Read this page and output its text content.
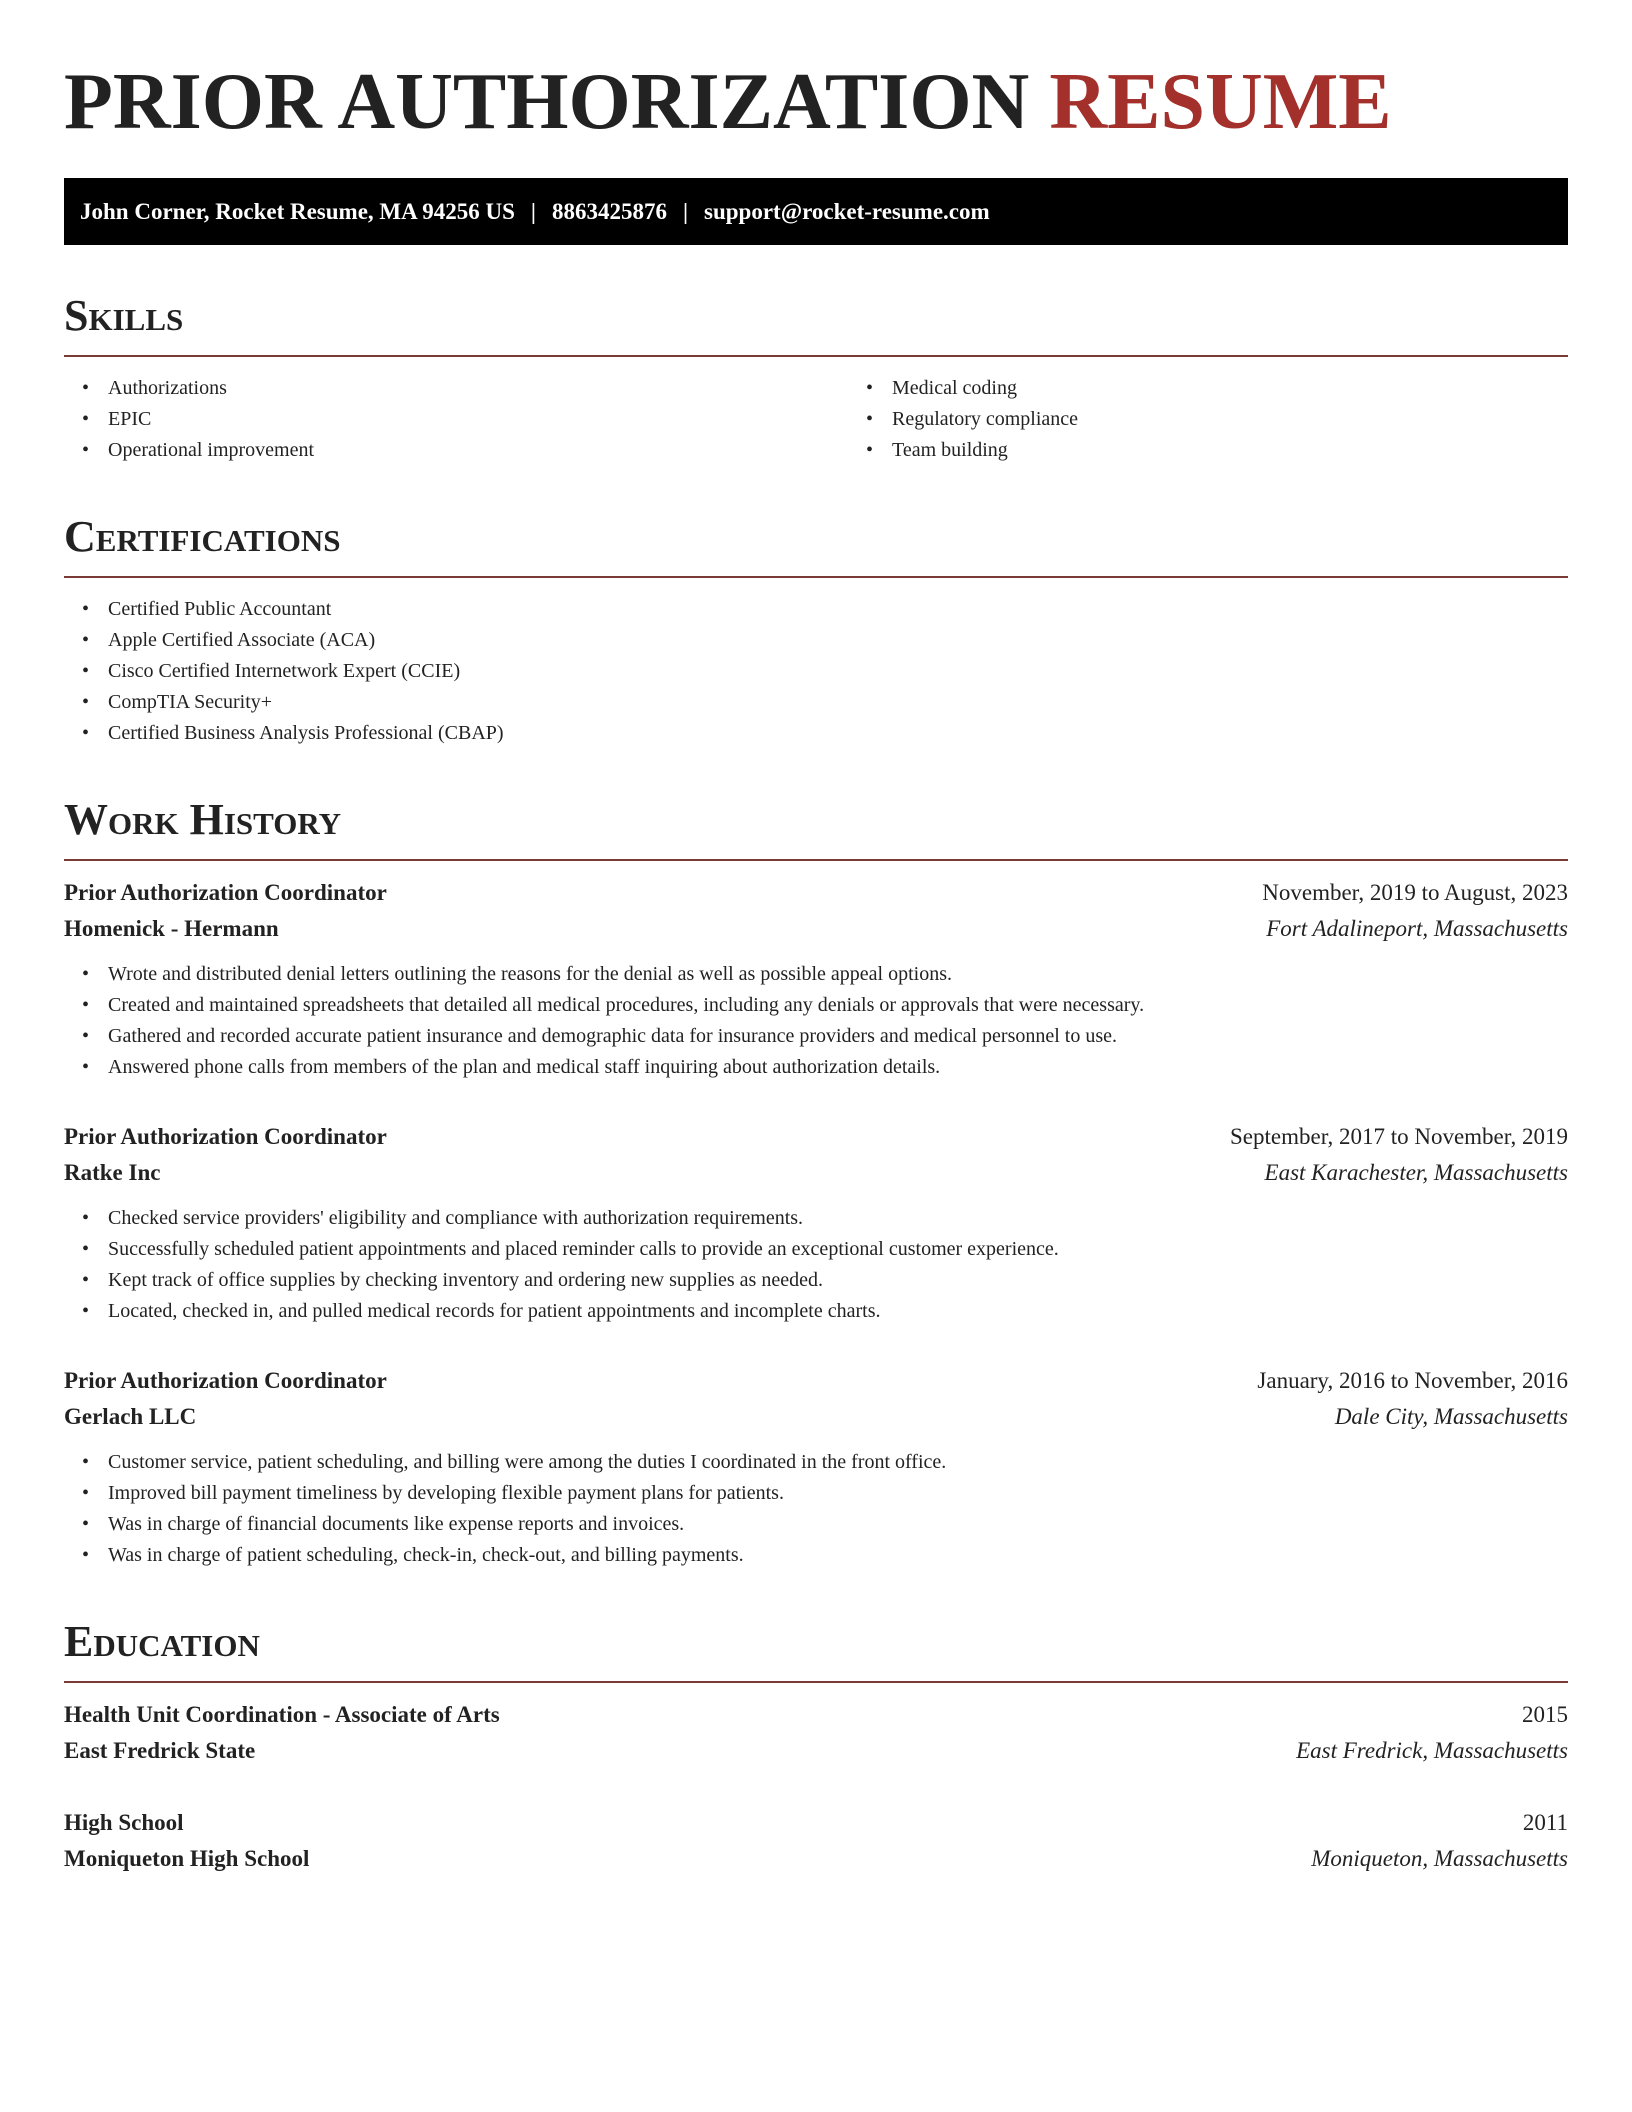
PRIOR AUTHORIZATION RESUME
John Corner, Rocket Resume, MA 94256 US | 8863425876 | support@rocket-resume.com
Skills
• Authorizations
• EPIC
• Operational improvement
• Medical coding
• Regulatory compliance
• Team building
Certifications
• Certified Public Accountant
• Apple Certified Associate (ACA)
• Cisco Certified Internetwork Expert (CCIE)
• CompTIA Security+
• Certified Business Analysis Professional (CBAP)
Work History
Prior Authorization Coordinator	November, 2019 to August, 2023
Homenick - Hermann	Fort Adalineport, Massachusetts
• Wrote and distributed denial letters outlining the reasons for the denial as well as possible appeal options.
• Created and maintained spreadsheets that detailed all medical procedures, including any denials or approvals that were necessary.
• Gathered and recorded accurate patient insurance and demographic data for insurance providers and medical personnel to use.
• Answered phone calls from members of the plan and medical staff inquiring about authorization details.
Prior Authorization Coordinator	September, 2017 to November, 2019
Ratke Inc	East Karachester, Massachusetts
• Checked service providers' eligibility and compliance with authorization requirements.
• Successfully scheduled patient appointments and placed reminder calls to provide an exceptional customer experience.
• Kept track of office supplies by checking inventory and ordering new supplies as needed.
• Located, checked in, and pulled medical records for patient appointments and incomplete charts.
Prior Authorization Coordinator	January, 2016 to November, 2016
Gerlach LLC	Dale City, Massachusetts
• Customer service, patient scheduling, and billing were among the duties I coordinated in the front office.
• Improved bill payment timeliness by developing flexible payment plans for patients.
• Was in charge of financial documents like expense reports and invoices.
• Was in charge of patient scheduling, check-in, check-out, and billing payments.
Education
Health Unit Coordination - Associate of Arts	2015
East Fredrick State	East Fredrick, Massachusetts
High School	2011
Moniqueton High School	Moniqueton, Massachusetts
